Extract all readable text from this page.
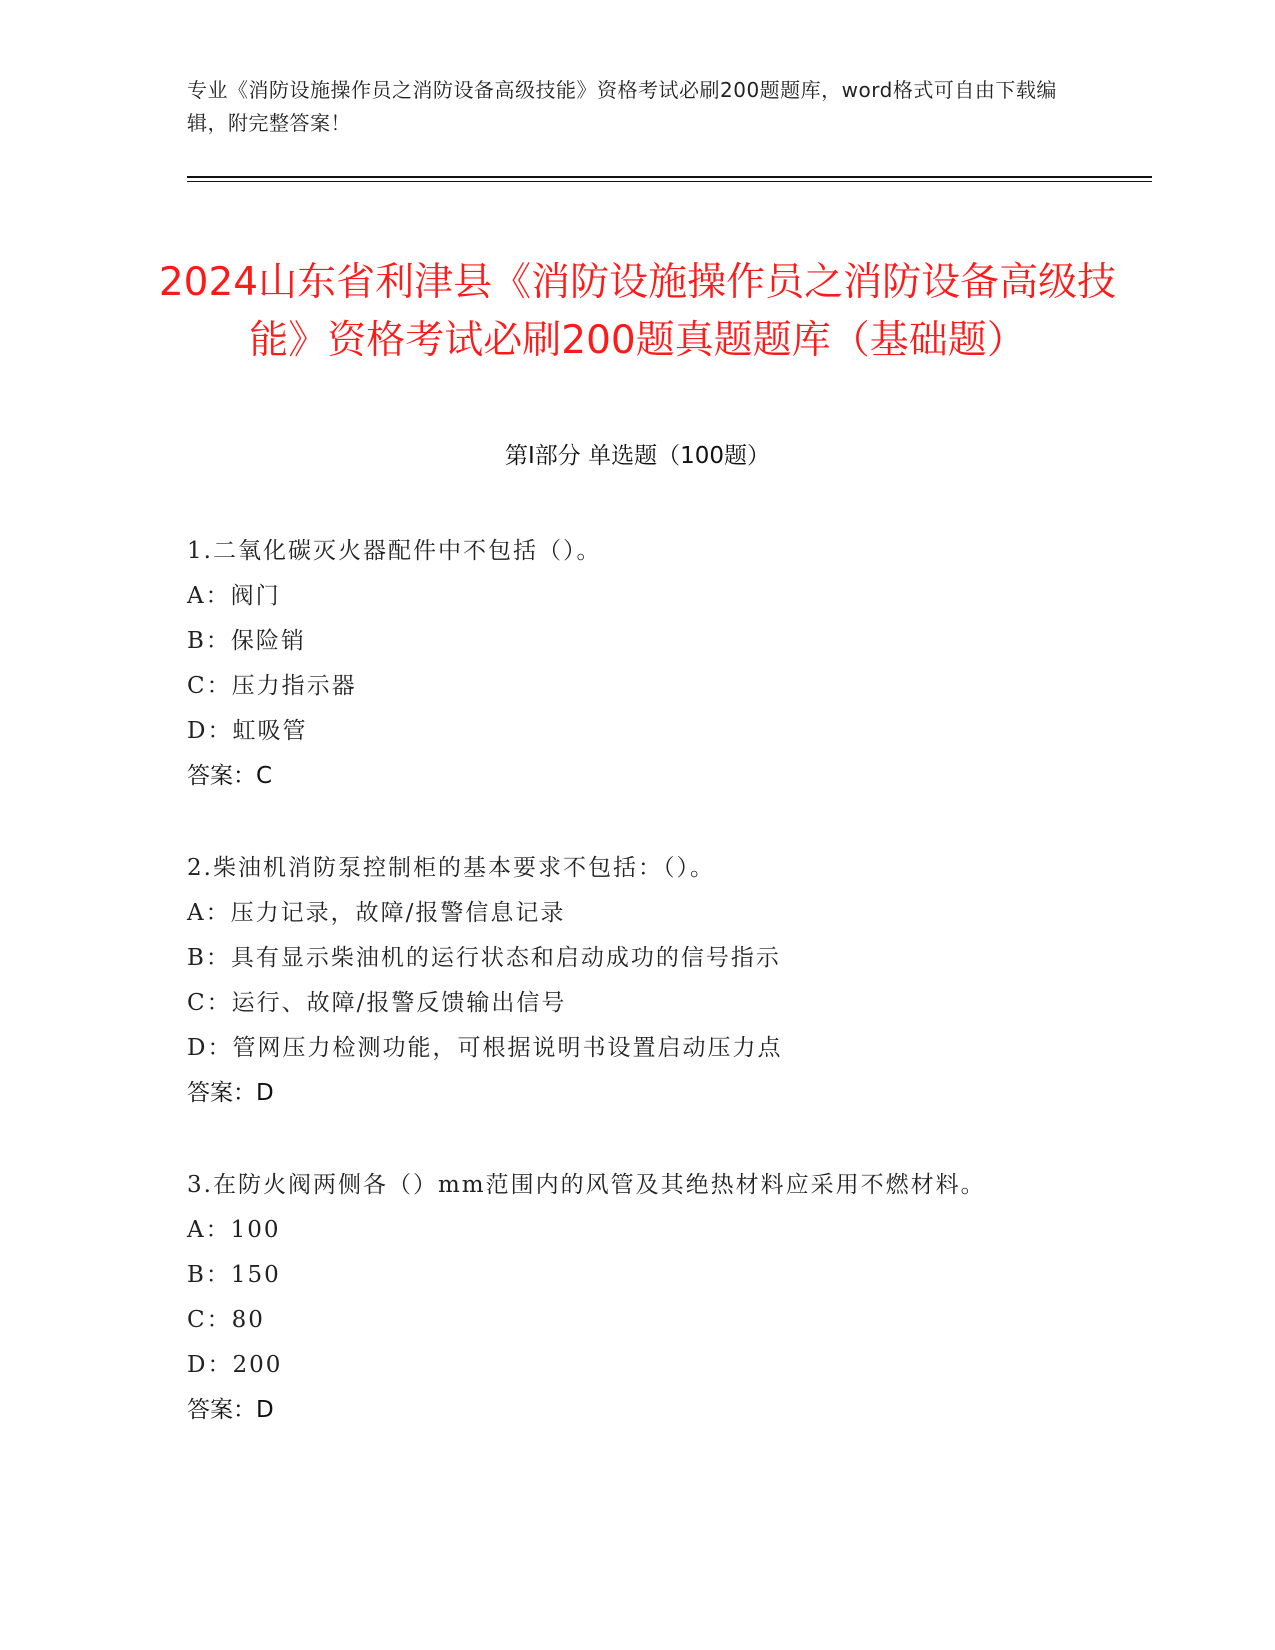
专业《消防设施操作员之消防设备高级技能》资格考试必刷200题题库，word格式可自由下载编辑，附完整答案！
2024山东省利津县《消防设施操作员之消防设备高级技能》资格考试必刷200题真题题库（基础题）
第Ⅰ部分 单选题（100题）

1.二氧化碳灭火器配件中不包括（）。

A：阀门

B：保险销

C：压力指示器

D：虹吸管

答案：C

2.柴油机消防泵控制柜的基本要求不包括：（）。

A：压力记录，故障/报警信息记录

B：具有显示柴油机的运行状态和启动成功的信号指示

C：运行、故障/报警反馈输出信号

D：管网压力检测功能，可根据说明书设置启动压力点

答案：D

3.在防火阀两侧各（）mm范围内的风管及其绝热材料应采用不燃材料。

A：100

B：150

C：80

D：200

答案：D
